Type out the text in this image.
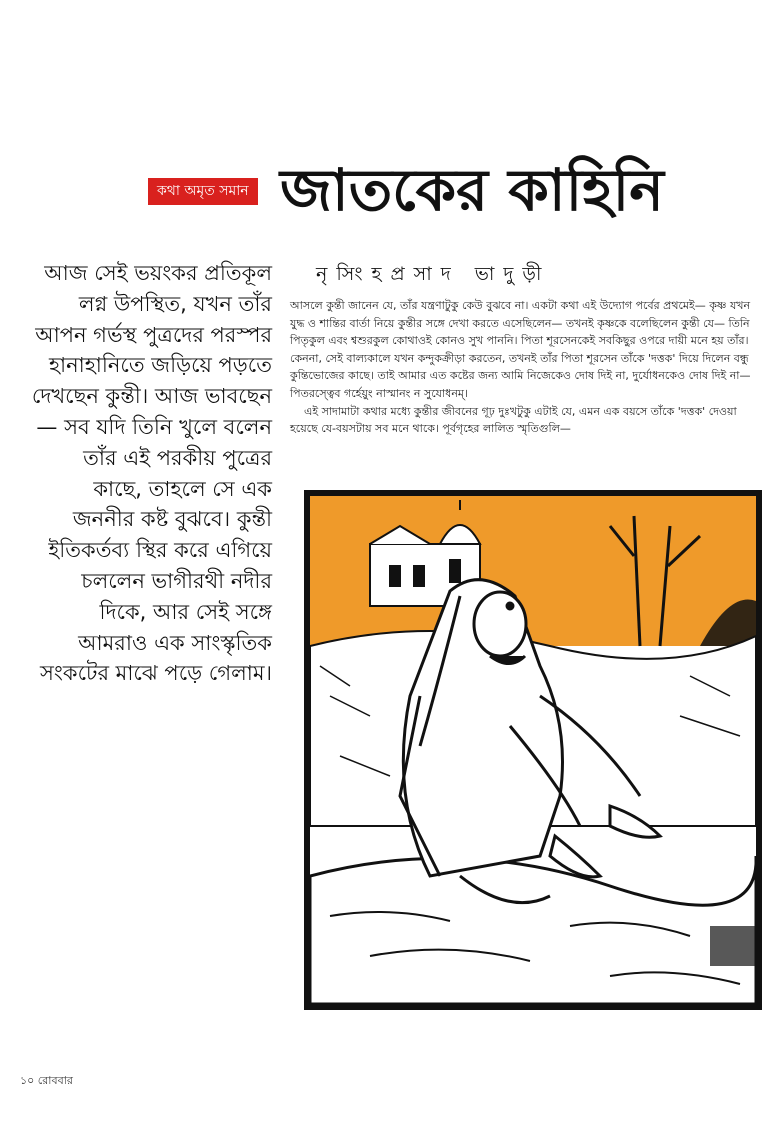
কথা অমৃত সমান জাতকের কাহিনি
নৃসিংহপ্রসাদ ভাদুড়ী
আজ সেই ভয়ংকর প্রতিকূল লগ্ন উপস্থিত, যখন তাঁর আপন গর্ভস্থ পুত্রদের পরস্পর হানাহানিতে জড়িয়ে পড়তে দেখছেন কুন্তী। আজ ভাবছেন— সব যদি তিনি খুলে বলেন তাঁর এই পরকীয় পুত্রের কাছে, তাহলে সে এক জননীর কষ্ট বুঝবে। কুন্তী ইতিকর্তব্য স্থির করে এগিয়ে চললেন ভাগীরথী নদীর দিকে, আর সেই সঙ্গে আমরাও এক সাংস্কৃতিক সংকটের মাঝে পড়ে গেলাম।

আসলে কুন্তী জানেন যে, তাঁর যন্ত্রণাটুকু কেউ বুঝবে না। একটা কথা এই উদ্যোগ পর্বের প্রথমেই— কৃষ্ণ যখন যুদ্ধ ও শান্তির বার্তা নিয়ে কুন্তীর সঙ্গে দেখা করতে এসেছিলেন— তখনই কৃষ্ণকে বলেছিলেন কুন্তী যে— তিনি পিতৃকুল এবং শ্বশুরকুল কোথাওই কোনও সুখ পাননি। পিতা শূরসেনকেই সবকিছুর ওপরে দায়ী মনে হয় তাঁর। কেননা, সেই বাল্যকালে যখন কন্দুকক্রীড়া করতেন, তখনই তাঁর পিতা শূরসেন তাঁকে 'দত্তক' দিয়ে দিলেন বন্ধু কুন্তিভোজের কাছে। তাই আমার এত কষ্টের জন্য আমি নিজেকেও দোষ দিই না, দুর্যোধনকেও দোষ দিই না— পিতরস্ত্বেব গর্হেয়ুং নাস্মানং ন সুযোধনম্।

এই সাদামাটা কথার মধ্যে কুন্তীর জীবনের গূঢ় দুঃখটুকু এটাই যে, এমন এক বয়সে তাঁকে 'দত্তক' দেওয়া হয়েছে যে-বয়সটায় সব মনে থাকে। পূর্বগৃহের লালিত স্মৃতিগুলি—

১০ রোববার
